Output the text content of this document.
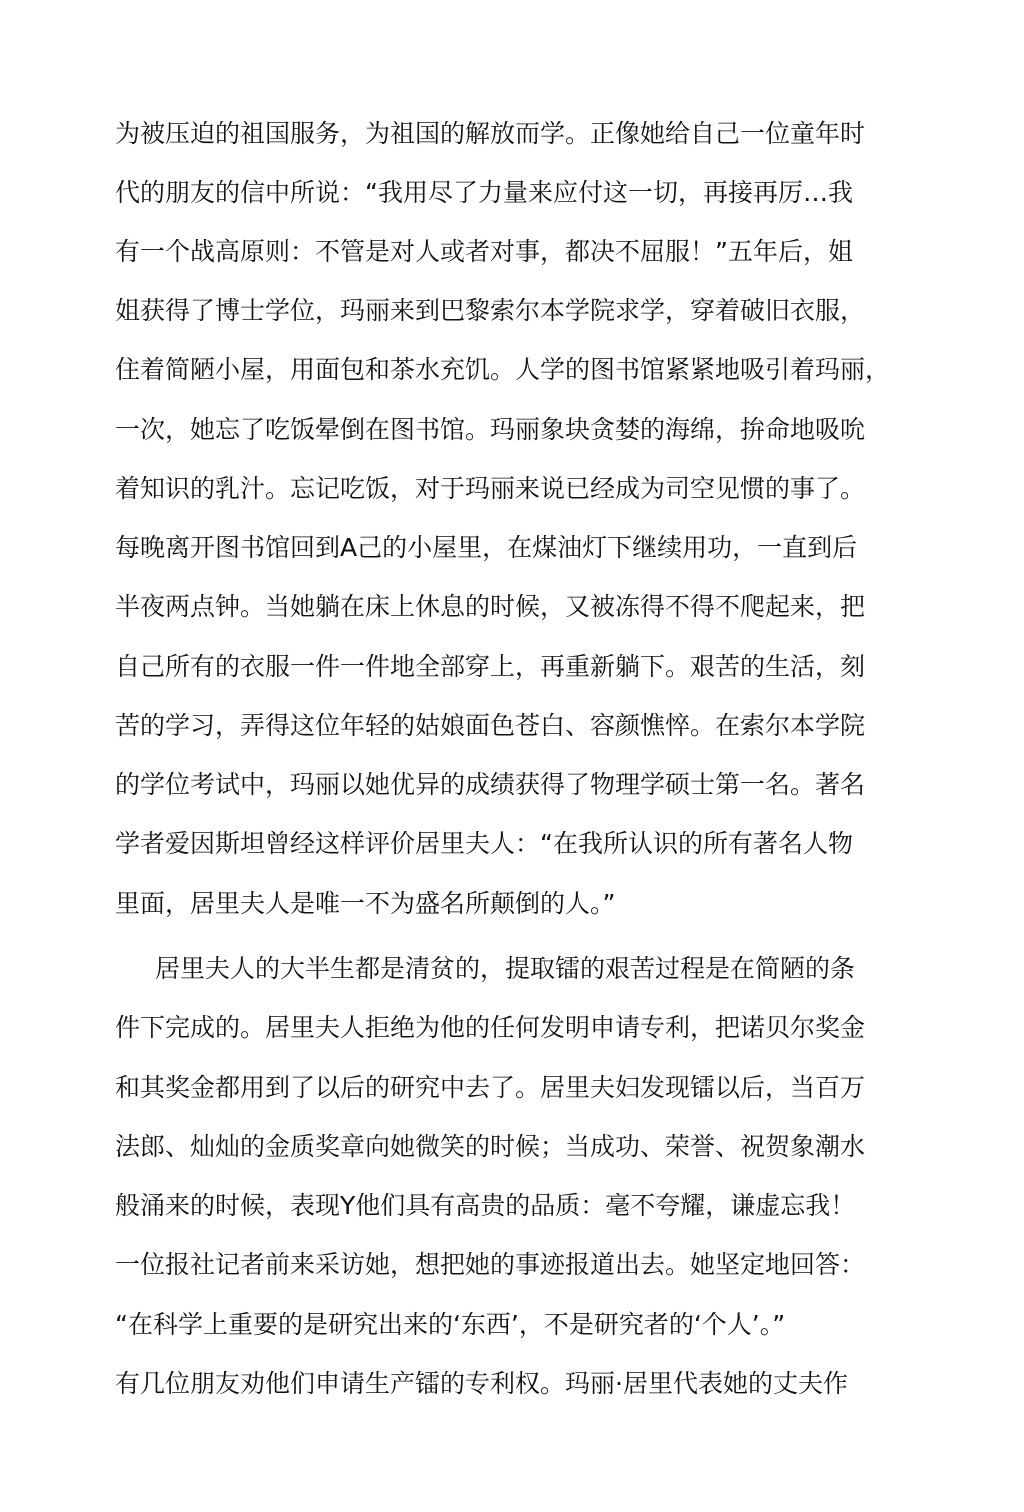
为被压迫的祖国服务，为祖国的解放而学。正像她给自己一位童年时
代的朋友的信中所说：“我用尽了力量来应付这一切，再接再厉…我
有一个战高原则：不管是对人或者对事，都决不屈服！”五年后，姐
姐获得了博士学位，玛丽来到巴黎索尔本学院求学，穿着破旧衣服，
住着简陋小屋，用面包和茶水充饥。人学的图书馆紧紧地吸引着玛丽，
一次，她忘了吃饭晕倒在图书馆。玛丽象块贪婪的海绵，拚命地吸吮
着知识的乳汁。忘记吃饭，对于玛丽来说已经成为司空见惯的事了。
每晚离开图书馆回到A己的小屋里，在煤油灯下继续用功，一直到后
半夜两点钟。当她躺在床上休息的时候，又被冻得不得不爬起来，把
自己所有的衣服一件一件地全部穿上，再重新躺下。艰苦的生活，刻
苦的学习，弄得这位年轻的姑娘面色苍白、容颜憔悴。在索尔本学院
的学位考试中，玛丽以她优异的成绩获得了物理学硕士第一名。著名
学者爱因斯坦曾经这样评价居里夫人：“在我所认识的所有著名人物
里面，居里夫人是唯一不为盛名所颠倒的人。”
居里夫人的大半生都是清贫的，提取镭的艰苦过程是在简陋的条
件下完成的。居里夫人拒绝为他的任何发明申请专利，把诺贝尔奖金
和其奖金都用到了以后的研究中去了。居里夫妇发现镭以后，当百万
法郎、灿灿的金质奖章向她微笑的时候；当成功、荣誉、祝贺象潮水
般涌来的时候，表现Y他们具有高贵的品质：毫不夸耀，谦虚忘我！
一位报社记者前来采访她，想把她的事迹报道出去。她坚定地回答：
“在科学上重要的是研究出来的‘东西’，不是研究者的‘个人’。”
有几位朋友劝他们申请生产镭的专利权。玛丽·居里代表她的丈夫作
